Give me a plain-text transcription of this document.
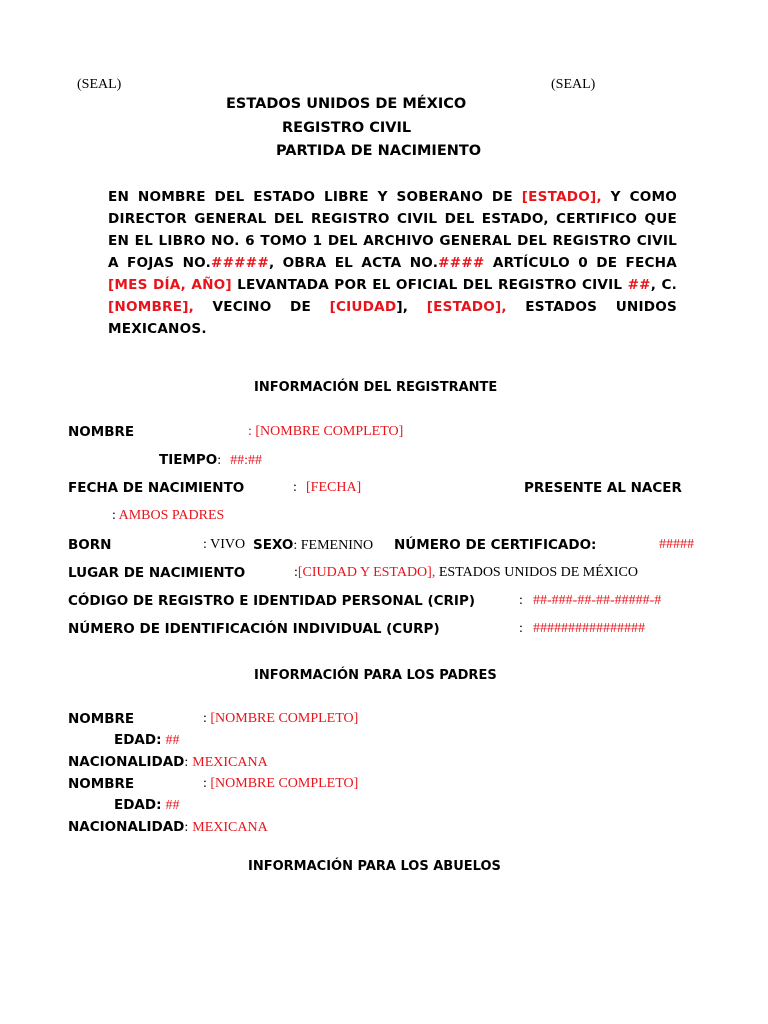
(SEAL)	(SEAL)
ESTADOS UNIDOS DE MÉXICO
REGISTRO CIVIL
PARTIDA DE NACIMIENTO
EN NOMBRE DEL ESTADO LIBRE Y SOBERANO DE [ESTADO], Y COMO DIRECTOR GENERAL DEL REGISTRO CIVIL DEL ESTADO, CERTIFICO QUE EN EL LIBRO NO. 6 TOMO 1 DEL ARCHIVO GENERAL DEL REGISTRO CIVIL A FOJAS NO.#####, OBRA EL ACTA NO.#### ARTÍCULO 0 DE FECHA [MES DÍA, AÑO] LEVANTADA POR EL OFICIAL DEL REGISTRO CIVIL ##, C. [NOMBRE], VECINO DE [CIUDAD], [ESTADO], ESTADOS UNIDOS MEXICANOS.
INFORMACIÓN DEL REGISTRANTE
NOMBRE	: [NOMBRE COMPLETO]
TIEMPO: ##:##
FECHA DE NACIMIENTO	: [FECHA]	PRESENTE AL NACER
: AMBOS PADRES
BORN	: VIVO SEXO: FEMENINO NÚMERO DE CERTIFICADO:	#####
LUGAR DE NACIMIENTO	:[CIUDAD Y ESTADO], ESTADOS UNIDOS DE MÉXICO
CÓDIGO DE REGISTRO E IDENTIDAD PERSONAL (CRIP)	: ##-###-##-##-#####-#
NÚMERO DE IDENTIFICACIÓN INDIVIDUAL (CURP)	: ################
INFORMACIÓN PARA LOS PADRES
NOMBRE	: [NOMBRE COMPLETO]
EDAD: ##
NACIONALIDAD: MEXICANA
NOMBRE	: [NOMBRE COMPLETO]
EDAD: ##
NACIONALIDAD: MEXICANA
INFORMACIÓN PARA LOS ABUELOS
